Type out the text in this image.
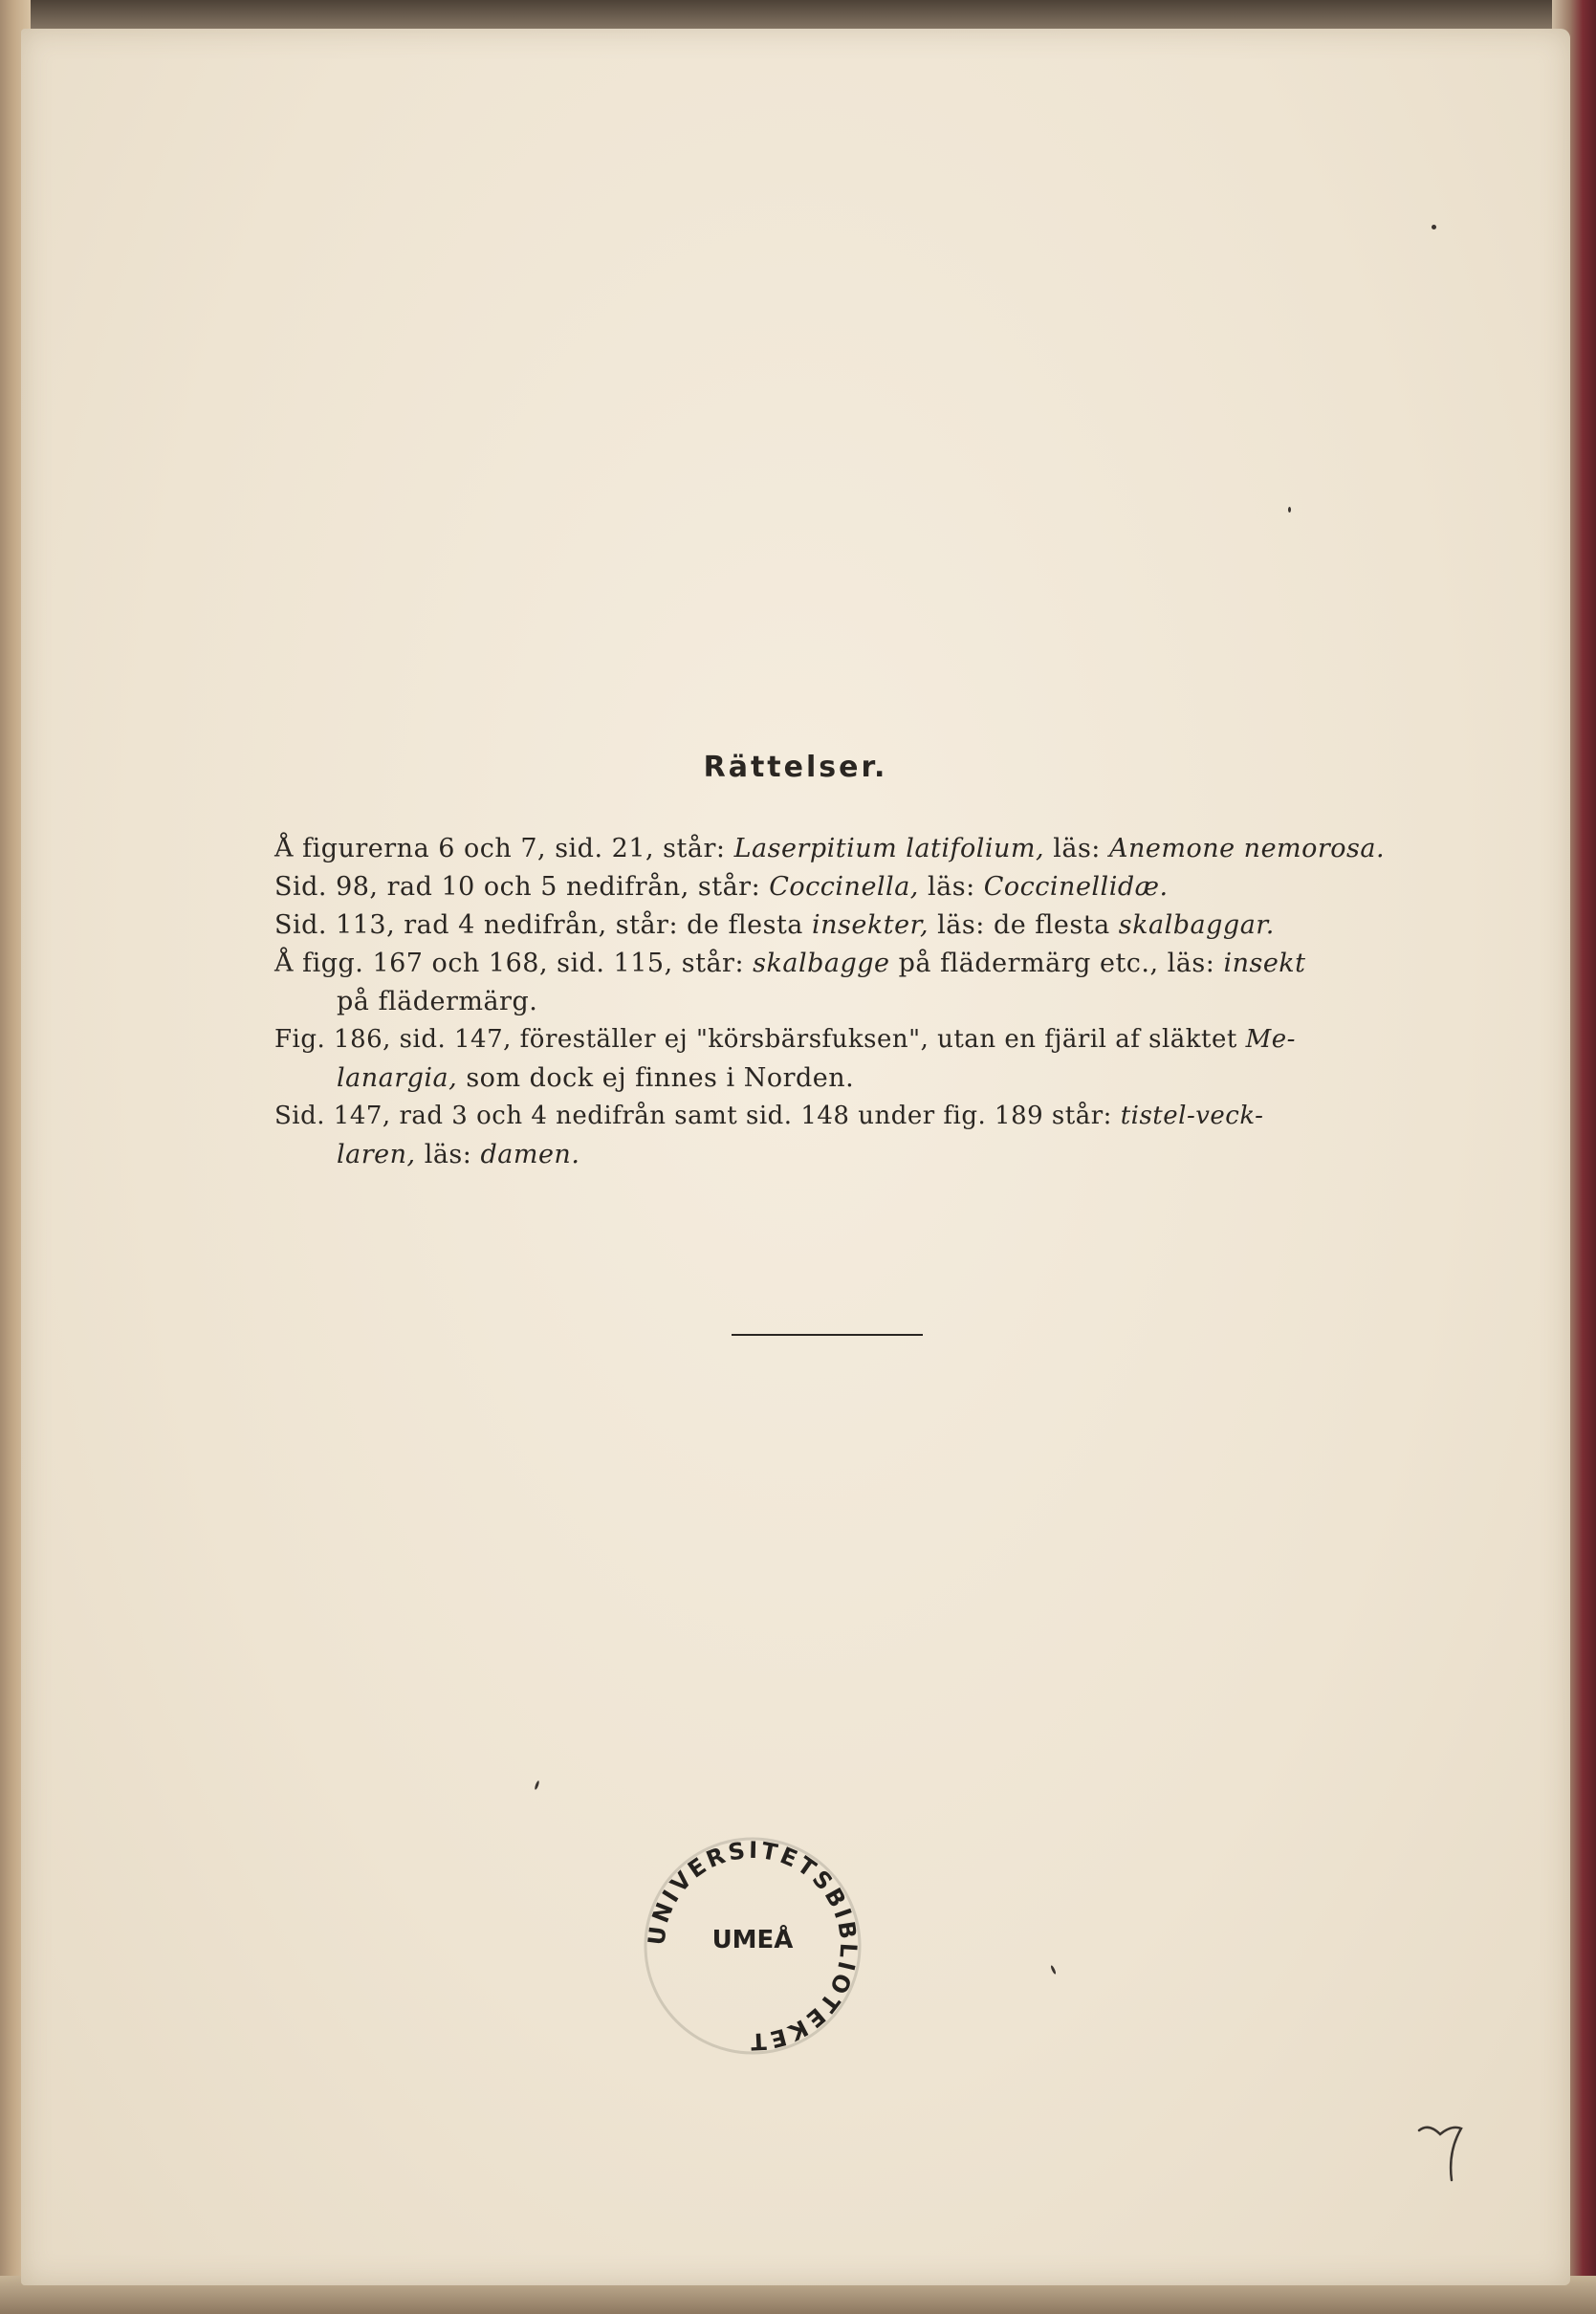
Rättelser.

Å figurerna 6 och 7, sid. 21, står: Laserpitium latifolium, läs: Anemone nemorosa.

Sid. 98, rad 10 och 5 nedifrån, står: Coccinella, läs: Coccinellidæ.

Sid. 113, rad 4 nedifrån, står: de flesta insekter, läs: de flesta skalbaggar.

Å figg. 167 och 168, sid. 115, står: skalbagge på flädermärg etc., läs: insekt

på flädermärg.

Fig. 186, sid. 147, föreställer ej "körsbärsfuksen", utan en fjäril af släktet Me-

lanargia, som dock ej finnes i Norden.

Sid. 147, rad 3 och 4 nedifrån samt sid. 148 under fig. 189 står: tistel-veck-

laren, läs: damen.

UNIVERSITETSBIBLIOTEKET
UMEÅ
